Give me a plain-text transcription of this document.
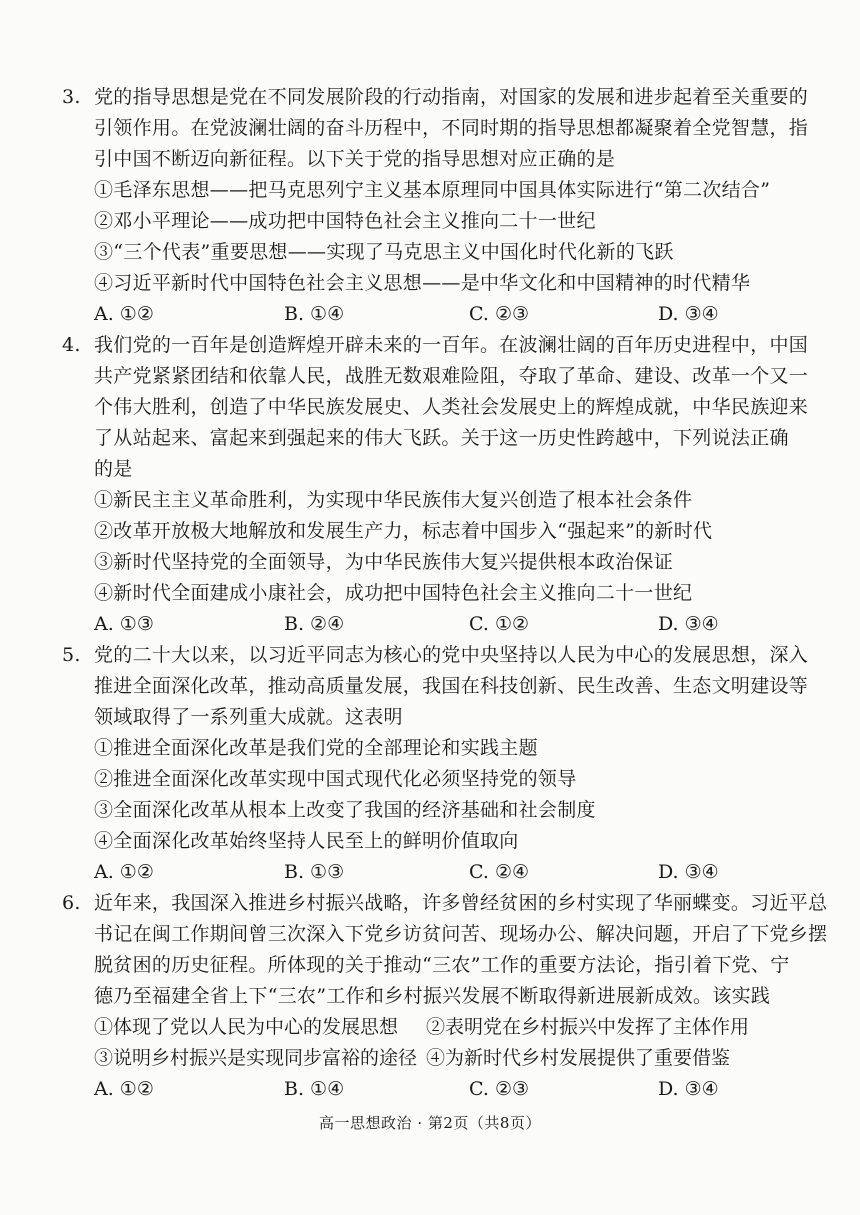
3. 党的指导思想是党在不同发展阶段的行动指南，对国家的发展和进步起着至关重要的
引领作用。在党波澜壮阔的奋斗历程中，不同时期的指导思想都凝聚着全党智慧，指
引中国不断迈向新征程。以下关于党的指导思想对应正确的是
①毛泽东思想——把马克思列宁主义基本原理同中国具体实际进行“第二次结合”
②邓小平理论——成功把中国特色社会主义推向二十一世纪
③“三个代表”重要思想——实现了马克思主义中国化时代化新的飞跃
④习近平新时代中国特色社会主义思想——是中华文化和中国精神的时代精华
A. ①②	B. ①④	C. ②③	D. ③④
4. 我们党的一百年是创造辉煌开辟未来的一百年。在波澜壮阔的百年历史进程中，中国
共产党紧紧团结和依靠人民，战胜无数艰难险阻，夺取了革命、建设、改革一个又一
个伟大胜利，创造了中华民族发展史、人类社会发展史上的辉煌成就，中华民族迎来
了从站起来、富起来到强起来的伟大飞跃。关于这一历史性跨越中，下列说法正确
的是
①新民主主义革命胜利，为实现中华民族伟大复兴创造了根本社会条件
②改革开放极大地解放和发展生产力，标志着中国步入“强起来”的新时代
③新时代坚持党的全面领导，为中华民族伟大复兴提供根本政治保证
④新时代全面建成小康社会，成功把中国特色社会主义推向二十一世纪
A. ①③	B. ②④	C. ①②	D. ③④
5. 党的二十大以来，以习近平同志为核心的党中央坚持以人民为中心的发展思想，深入
推进全面深化改革，推动高质量发展，我国在科技创新、民生改善、生态文明建设等
领域取得了一系列重大成就。这表明
①推进全面深化改革是我们党的全部理论和实践主题
②推进全面深化改革实现中国式现代化必须坚持党的领导
③全面深化改革从根本上改变了我国的经济基础和社会制度
④全面深化改革始终坚持人民至上的鲜明价值取向
A. ①②	B. ①③	C. ②④	D. ③④
6. 近年来，我国深入推进乡村振兴战略，许多曾经贫困的乡村实现了华丽蝶变。习近平总
书记在闽工作期间曾三次深入下党乡访贫问苦、现场办公、解决问题，开启了下党乡摆
脱贫困的历史征程。所体现的关于推动“三农”工作的重要方法论，指引着下党、宁
德乃至福建全省上下“三农”工作和乡村振兴发展不断取得新进展新成效。该实践
①体现了党以人民为中心的发展思想 ②表明党在乡村振兴中发挥了主体作用
③说明乡村振兴是实现同步富裕的途径 ④为新时代乡村发展提供了重要借鉴
A. ①②	B. ①④	C. ②③	D. ③④
高一思想政治 · 第2页（共8页）
